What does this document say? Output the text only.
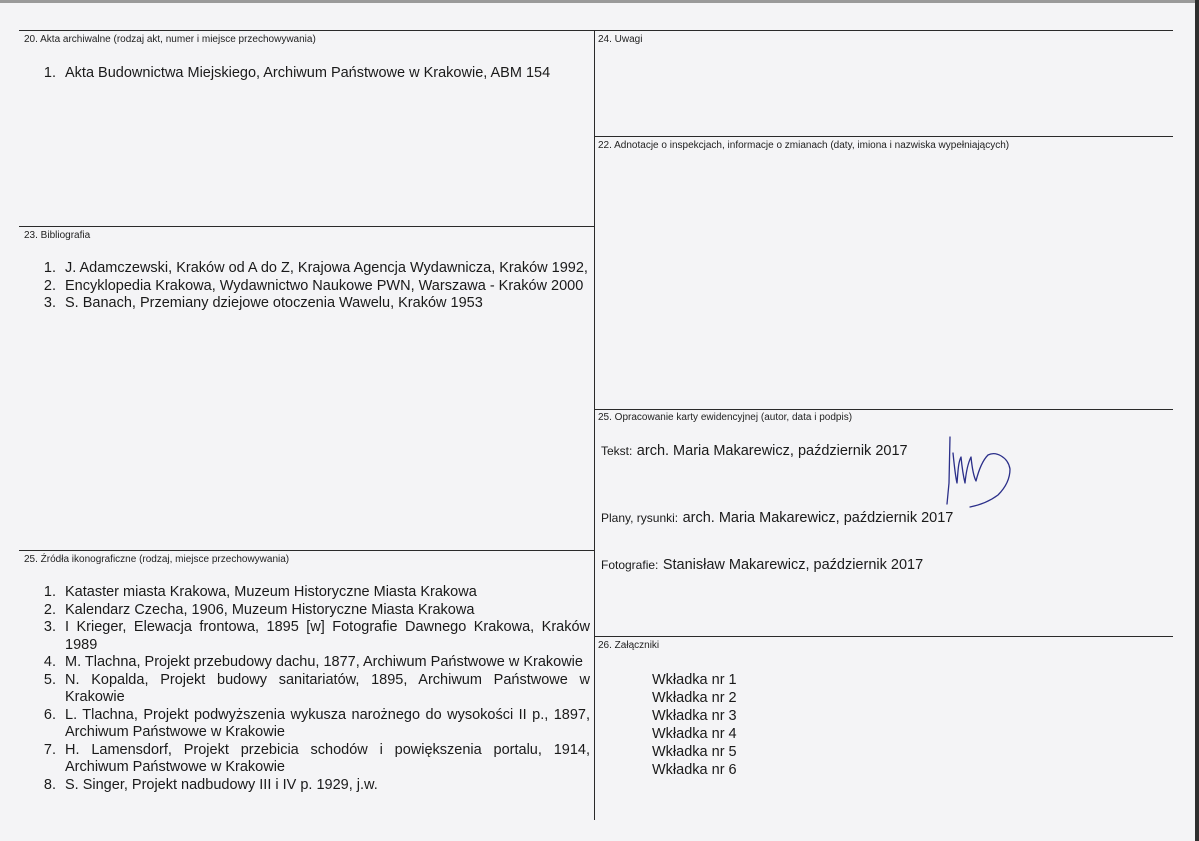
20. Akta archiwalne (rodzaj akt, numer i miejsce przechowywania)
1. Akta Budownictwa Miejskiego, Archiwum Państwowe w Krakowie, ABM 154
24. Uwagi
22. Adnotacje o inspekcjach, informacje o zmianach (daty, imiona i nazwiska wypełniających)
23. Bibliografia
1. J. Adamczewski, Kraków od A do Z, Krajowa Agencja Wydawnicza, Kraków 1992,
2. Encyklopedia Krakowa, Wydawnictwo Naukowe PWN, Warszawa - Kraków 2000
3. S. Banach, Przemiany dziejowe otoczenia Wawelu, Kraków 1953
25. Opracowanie karty ewidencyjnej (autor, data i podpis)
Tekst: arch. Maria Makarewicz, październik 2017
Plany, rysunki: arch. Maria Makarewicz, październik 2017
Fotografie: Stanisław Makarewicz, październik 2017
25. Źródła ikonograficzne (rodzaj, miejsce przechowywania)
1. Kataster miasta Krakowa, Muzeum Historyczne Miasta Krakowa
2. Kalendarz Czecha, 1906, Muzeum Historyczne Miasta Krakowa
3. I Krieger, Elewacja frontowa, 1895 [w] Fotografie Dawnego Krakowa, Kraków 1989
4. M. Tlachna, Projekt przebudowy dachu, 1877, Archiwum Państwowe w Krakowie
5. N. Kopalda, Projekt budowy sanitariatów, 1895, Archiwum Państwowe w Krakowie
6. L. Tlachna, Projekt podwyższenia wykusza narożnego do wysokości II p., 1897, Archiwum Państwowe w Krakowie
7. H. Lamensdorf, Projekt przebicia schodów i powiększenia portalu, 1914, Archiwum Państwowe w Krakowie
8. S. Singer, Projekt nadbudowy III i IV p. 1929, j.w.
26. Załączniki
Wkładka nr 1
Wkładka nr 2
Wkładka nr 3
Wkładka nr 4
Wkładka nr 5
Wkładka nr 6
